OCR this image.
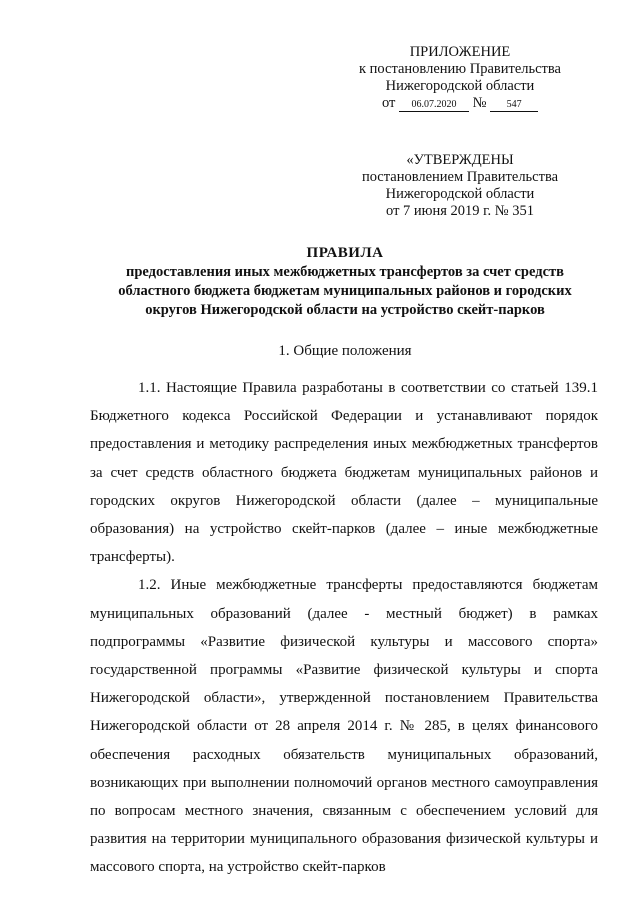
ПРИЛОЖЕНИЕ
к постановлению Правительства
Нижегородской области
от 06.07.2020 № 547
«УТВЕРЖДЕНЫ
постановлением Правительства
Нижегородской области
от 7 июня 2019 г. № 351
ПРАВИЛА
предоставления иных межбюджетных трансфертов за счет средств
областного бюджета бюджетам муниципальных районов и городских
округов Нижегородской области на устройство скейт-парков
1. Общие положения

1.1. Настоящие Правила разработаны в соответствии со статьей 139.1 Бюджетного кодекса Российской Федерации и устанавливают порядок предоставления и методику распределения иных межбюджетных трансфертов за счет средств областного бюджета бюджетам муниципальных районов и городских округов Нижегородской области (далее – муниципальные образования) на устройство скейт-парков (далее – иные межбюджетные трансферты).

1.2. Иные межбюджетные трансферты предоставляются бюджетам муниципальных образований (далее - местный бюджет) в рамках подпрограммы «Развитие физической культуры и массового спорта» государственной программы «Развитие физической культуры и спорта Нижегородской области», утвержденной постановлением Правительства Нижегородской области от 28 апреля 2014 г. № 285, в целях финансового обеспечения расходных обязательств муниципальных образований, возникающих при выполнении полномочий органов местного самоуправления по вопросам местного значения, связанным с обеспечением условий для развития на территории муниципального образования физической культуры и массового спорта, на устройство скейт-парков
